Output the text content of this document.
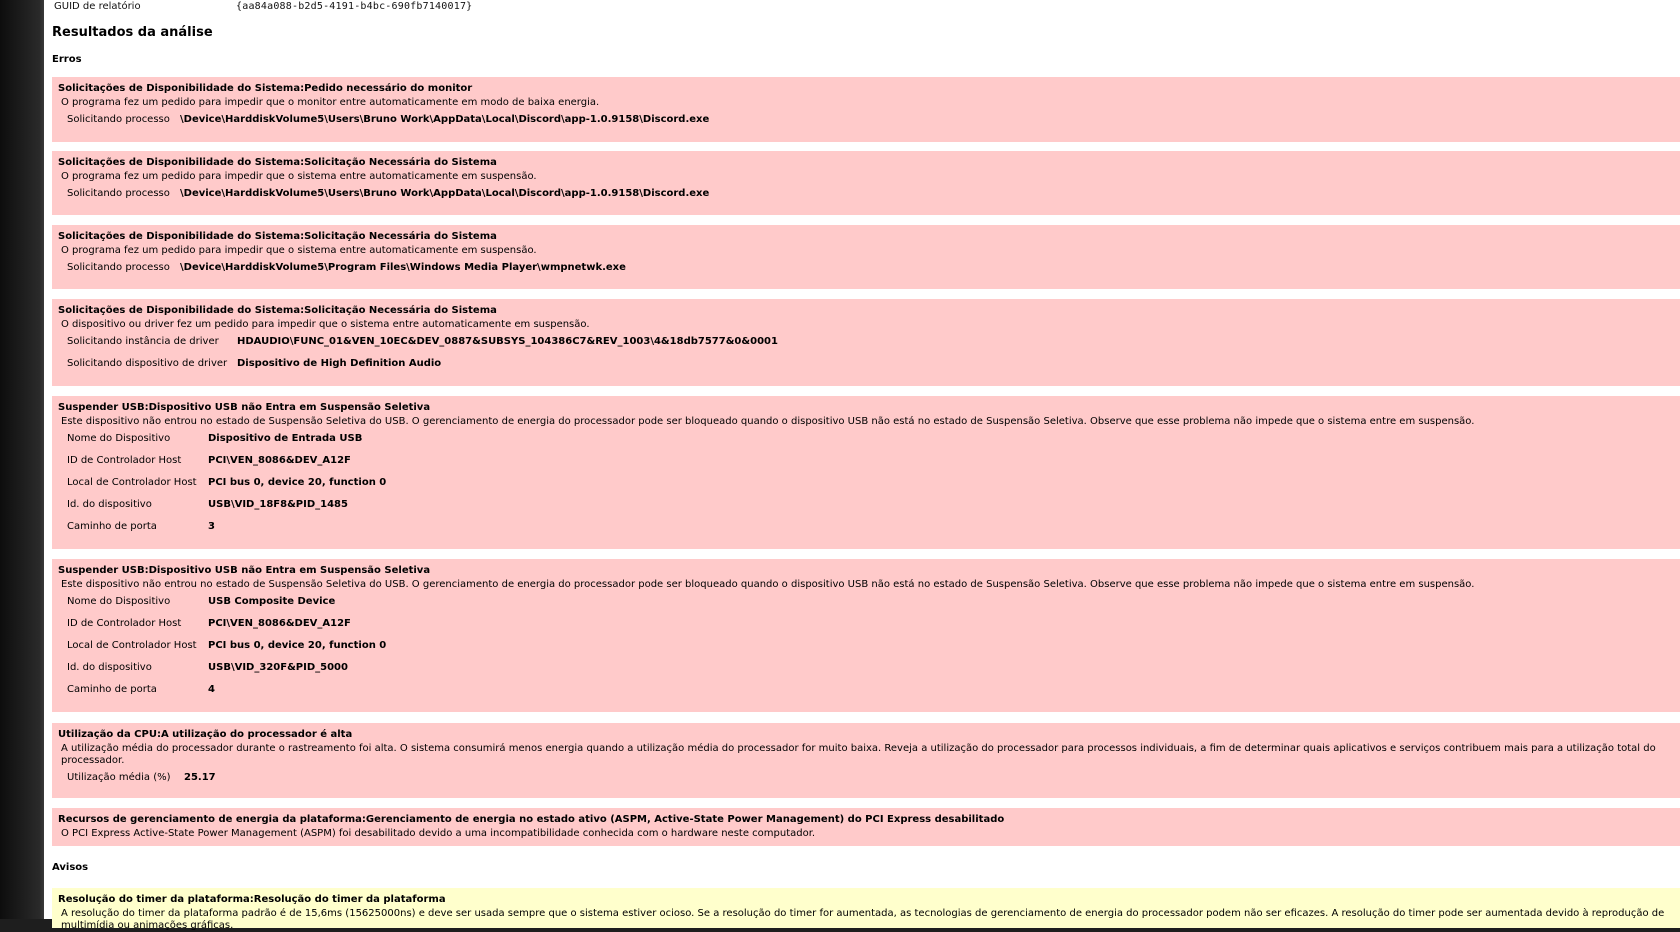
GUID de relatório	{aa84a088-b2d5-4191-b4bc-690fb7140017}
Resultados da análise
Erros
Solicitações de Disponibilidade do Sistema:Pedido necessário do monitor
O programa fez um pedido para impedir que o monitor entre automaticamente em modo de baixa energia.
Solicitando processo \Device\HarddiskVolume5\Users\Bruno Work\AppData\Local\Discord\app-1.0.9158\Discord.exe
Solicitações de Disponibilidade do Sistema:Solicitação Necessária do Sistema
O programa fez um pedido para impedir que o sistema entre automaticamente em suspensão.
Solicitando processo \Device\HarddiskVolume5\Users\Bruno Work\AppData\Local\Discord\app-1.0.9158\Discord.exe
Solicitações de Disponibilidade do Sistema:Solicitação Necessária do Sistema
O programa fez um pedido para impedir que o sistema entre automaticamente em suspensão.
Solicitando processo \Device\HarddiskVolume5\Program Files\Windows Media Player\wmpnetwk.exe
Solicitações de Disponibilidade do Sistema:Solicitação Necessária do Sistema
O dispositivo ou driver fez um pedido para impedir que o sistema entre automaticamente em suspensão.
Solicitando instância de driver HDAUDIO\FUNC_01&VEN_10EC&DEV_0887&SUBSYS_104386C7&REV_1003\4&18db7577&0&0001
Solicitando dispositivo de driver Dispositivo de High Definition Audio
Suspender USB:Dispositivo USB não Entra em Suspensão Seletiva
Este dispositivo não entrou no estado de Suspensão Seletiva do USB. O gerenciamento de energia do processador pode ser bloqueado quando o dispositivo USB não está no estado de Suspensão Seletiva. Observe que esse problema não impede que o sistema entre em suspensão.
Nome do Dispositivo	Dispositivo de Entrada USB
ID de Controlador Host	PCI\VEN_8086&DEV_A12F
Local de Controlador Host PCI bus 0, device 20, function 0
Id. do dispositivo	USB\VID_18F8&PID_1485
Caminho de porta	3
Suspender USB:Dispositivo USB não Entra em Suspensão Seletiva
Este dispositivo não entrou no estado de Suspensão Seletiva do USB. O gerenciamento de energia do processador pode ser bloqueado quando o dispositivo USB não está no estado de Suspensão Seletiva. Observe que esse problema não impede que o sistema entre em suspensão.
Nome do Dispositivo	USB Composite Device
ID de Controlador Host	PCI\VEN_8086&DEV_A12F
Local de Controlador Host PCI bus 0, device 20, function 0
Id. do dispositivo	USB\VID_320F&PID_5000
Caminho de porta	4
Utilização da CPU:A utilização do processador é alta
A utilização média do processador durante o rastreamento foi alta. O sistema consumirá menos energia quando a utilização média do processador for muito baixa. Reveja a utilização do processador para processos individuais, a fim de determinar quais aplicativos e serviços contribuem mais para a utilização total do processador.
Utilização média (%) 25.17
Recursos de gerenciamento de energia da plataforma:Gerenciamento de energia no estado ativo (ASPM, Active-State Power Management) do PCI Express desabilitado
O PCI Express Active-State Power Management (ASPM) foi desabilitado devido a uma incompatibilidade conhecida com o hardware neste computador.
Avisos
Resolução do timer da plataforma:Resolução do timer da plataforma
A resolução do timer da plataforma padrão é de 15,6ms (15625000ns) e deve ser usada sempre que o sistema estiver ocioso. Se a resolução do timer for aumentada, as tecnologias de gerenciamento de energia do processador podem não ser eficazes. A resolução do timer pode ser aumentada devido à reprodução de multimídia ou animações gráficas.
